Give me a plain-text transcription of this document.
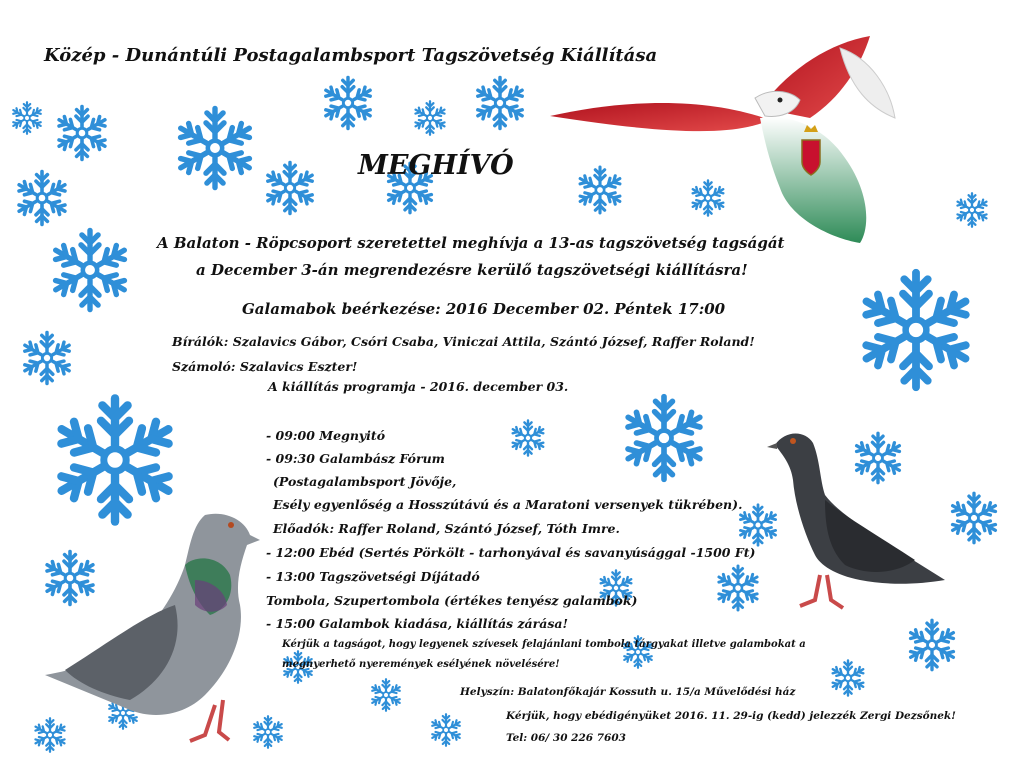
Közép - Dunántúli Postagalambsport Tagszövetség Kiállítása
MEGHÍVÓ
A Balaton - Röpcsoport szeretettel meghívja a 13-as tagszövetség tagságát
a December 3-án megrendezésre kerülő tagszövetségi kiállításra!
Galamabok beérkezése: 2016 December 02. Péntek 17:00
Bírálók: Szalavics Gábor, Csóri Csaba, Viniczai Attila, Szántó József, Raffer Roland!
Számoló: Szalavics Eszter!
A kiállítás programja - 2016. december 03.
- 09:00 Megnyitó
- 09:30 Galambász Fórum
(Postagalambsport Jövője,
Esély egyenlőség a Hosszútávú és a Maratoni versenyek tükrében).
Előadók: Raffer Roland, Szántó József, Tóth Imre.
- 12:00 Ebéd (Sertés Pörkölt - tarhonyával és savanyúsággal -1500 Ft)
- 13:00 Tagszövetségi Díjátadó
Tombola, Szupertombola (értékes tenyész galambok)
- 15:00 Galambok kiadása, kiállítás zárása!
Kérjük a tagságot, hogy legyenek szívesek felajánlani tombola tárgyakat illetve galambokat a
megnyerhető nyeremények esélyének növelésére!
Helyszín: Balatonfőkajár Kossuth u. 15/a Művelődési ház
Kérjük, hogy ebédigényüket 2016. 11. 29-ig (kedd) jelezzék Zergi Dezsőnek!
Tel: 06/ 30 226 7603
